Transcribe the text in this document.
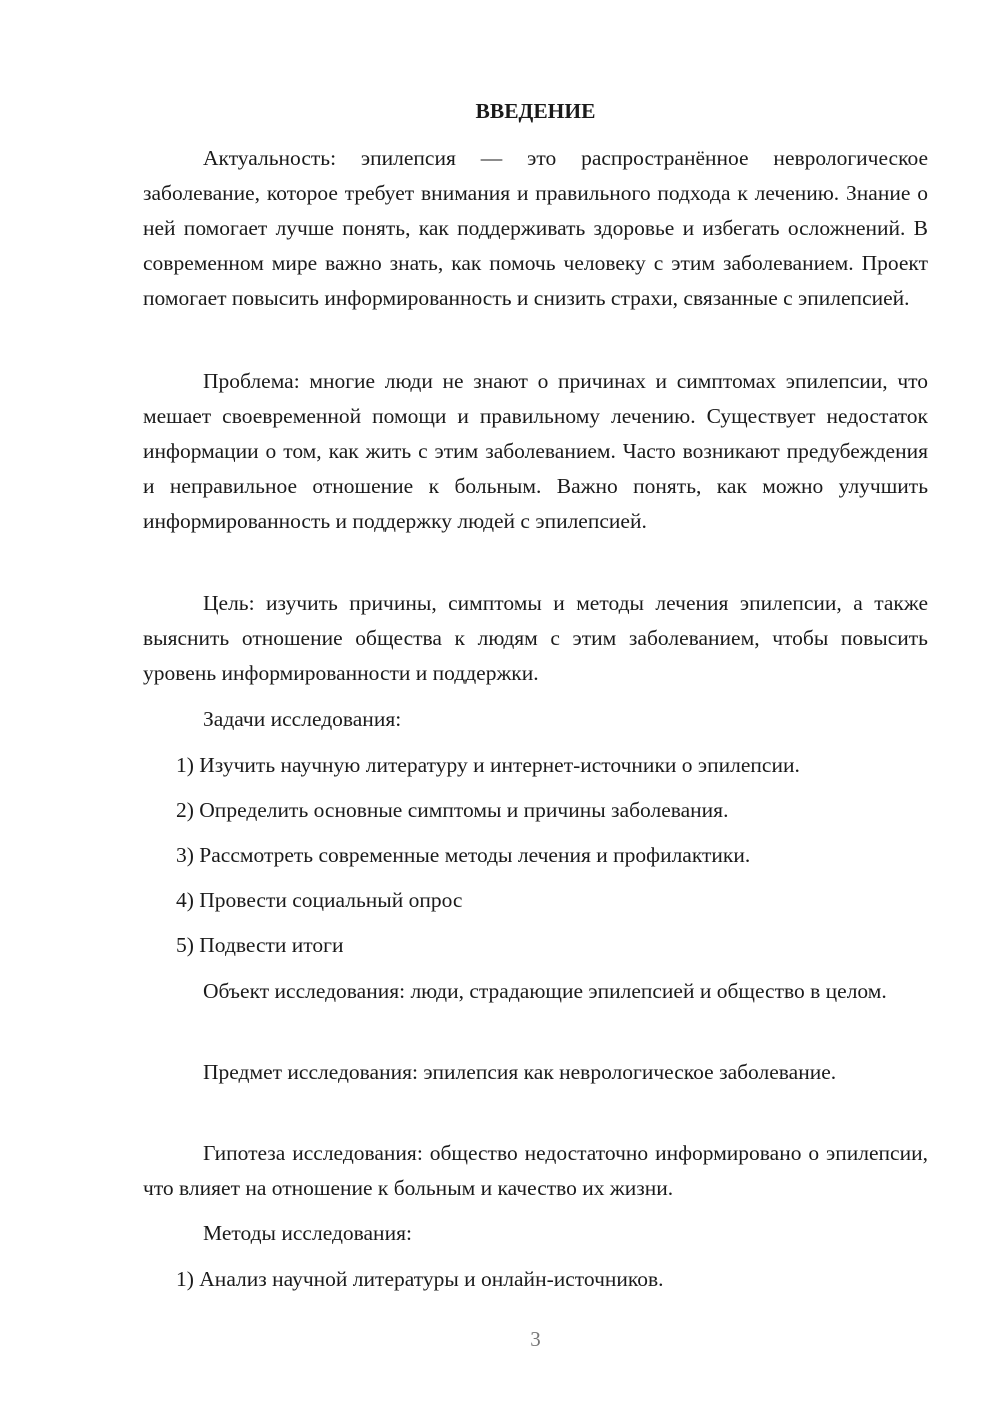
ВВЕДЕНИЕ

Актуальность: эпилепсия — это распространённое неврологическое заболевание, которое требует внимания и правильного подхода к лечению. Знание о ней помогает лучше понять, как поддерживать здоровье и избегать осложнений. В современном мире важно знать, как помочь человеку с этим заболеванием. Проект помогает повысить информированность и снизить страхи, связанные с эпилепсией.

Проблема: многие люди не знают о причинах и симптомах эпилепсии, что мешает своевременной помощи и правильному лечению. Существует недостаток информации о том, как жить с этим заболеванием. Часто возникают предубеждения и неправильное отношение к больным. Важно понять, как можно улучшить информированность и поддержку людей с эпилепсией.

Цель: изучить причины, симптомы и методы лечения эпилепсии, а также выяснить отношение общества к людям с этим заболеванием, чтобы повысить уровень информированности и поддержки.

Задачи исследования:

1) Изучить научную литературу и интернет-источники о эпилепсии.

2) Определить основные симптомы и причины заболевания.

3) Рассмотреть современные методы лечения и профилактики.

4) Провести социальный опрос

5) Подвести итоги

Объект исследования: люди, страдающие эпилепсией и общество в целом.

Предмет исследования: эпилепсия как неврологическое заболевание.

Гипотеза исследования: общество недостаточно информировано о эпилепсии, что влияет на отношение к больным и качество их жизни.

Методы исследования:

1) Анализ научной литературы и онлайн-источников.

3
